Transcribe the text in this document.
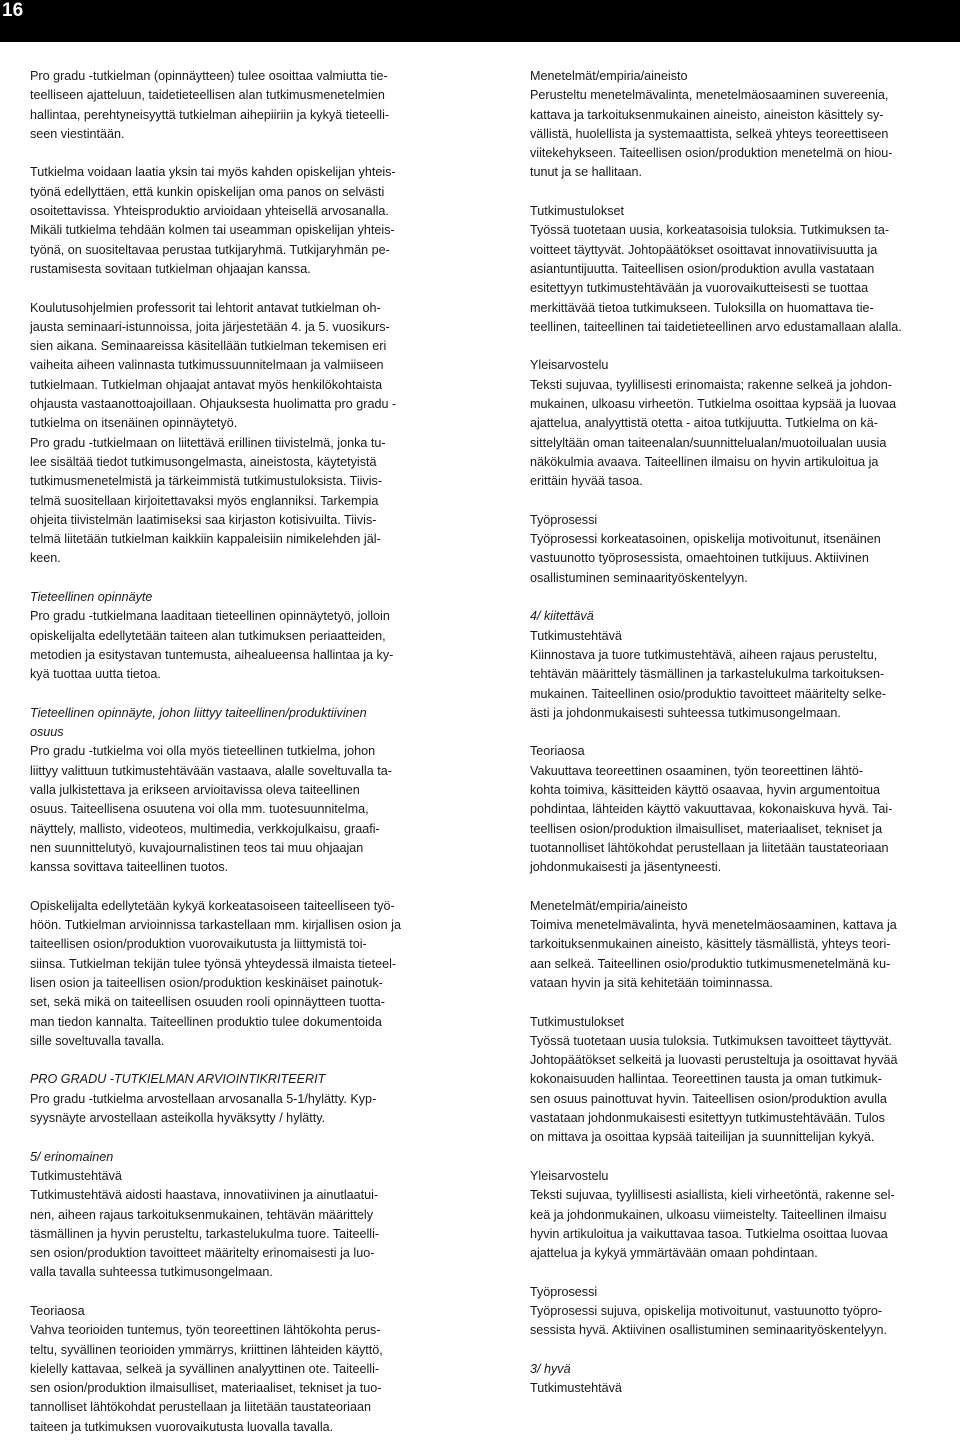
16
Pro gradu -tutkielman (opinnäytteen) tulee osoittaa valmiutta tie-
teelliseen ajatteluun, taidetieteellisen alan tutkimusmenetelmien
hallintaa, perehtyneisyyttä tutkielman aihepiiriin ja kykyä tieteelli-
seen viestintään.
Tutkielma voidaan laatia yksin tai myös kahden opiskelijan yhteis-
työnä edellyttäen, että kunkin opiskelijan oma panos on selvästi
osoitettavissa. Yhteisproduktio arvioidaan yhteisellä arvosanalla.
Mikäli tutkielma tehdään kolmen tai useamman opiskelijan yhteis-
työnä, on suositeltavaa perustaa tutkijaryhmä. Tutkijaryhmän pe-
rustamisesta sovitaan tutkielman ohjaajan kanssa.
Koulutusohjelmien professorit tai lehtorit antavat tutkielman oh-
jausta seminaari-istunnoissa, joita järjestetään 4. ja 5. vuosikurs-
sien aikana. Seminaareissa käsitellään tutkielman tekemisen eri
vaiheita aiheen valinnasta tutkimussuunnitelmaan ja valmiiseen
tutkielmaan. Tutkielman ohjaajat antavat myös henkilökohtaista
ohjausta vastaanottoajoillaan. Ohjauksesta huolimatta pro gradu -
tutkielma on itsenäinen opinnäytetyö.
Pro gradu -tutkielmaan on liitettävä erillinen tiivistelmä, jonka tu-
lee sisältää tiedot tutkimusongelmasta, aineistosta, käytetyistä
tutkimusmenetelmistä ja tärkeimmistä tutkimustuloksista. Tiivis-
telmä suositellaan kirjoitettavaksi myös englanniksi. Tarkempia
ohjeita tiivistelmän laatimiseksi saa kirjaston kotisivuilta. Tiivis-
telmä liitetään tutkielman kaikkiin kappaleisiin nimikelehden jäl-
keen.
Tieteellinen opinnäyte
Pro gradu -tutkielmana laaditaan tieteellinen opinnäytetyö, jolloin
opiskelijalta edellytetään taiteen alan tutkimuksen periaatteiden,
metodien ja esitystavan tuntemusta, aihealueensa hallintaa ja ky-
kyä tuottaa uutta tietoa.
Tieteellinen opinnäyte, johon liittyy taiteellinen/produktiivinen
osuus
Pro gradu -tutkielma voi olla myös tieteellinen tutkielma, johon
liittyy valittuun tutkimustehtävään vastaava, alalle soveltuvalla ta-
valla julkistettava ja erikseen arvioitavissa oleva taiteellinen
osuus. Taiteellisena osuutena voi olla mm. tuotesuunnitelma,
näyttely, mallisto, videoteos, multimedia, verkkojulkaisu, graafi-
nen suunnittelutyö, kuvajournalistinen teos tai muu ohjaajan
kanssa sovittava taiteellinen tuotos.
Opiskelijalta edellytetään kykyä korkeatasoiseen taiteelliseen työ-
höön. Tutkielman arvioinnissa tarkastellaan mm. kirjallisen osion ja
taiteellisen osion/produktion vuorovaikutusta ja liittymistä toi-
siinsa. Tutkielman tekijän tulee työnsä yhteydessä ilmaista tieteel-
lisen osion ja taiteellisen osion/produktion keskinäiset painotuk-
set, sekä mikä on taiteellisen osuuden rooli opinnäytteen tuotta-
man tiedon kannalta. Taiteellinen produktio tulee dokumentoida
sille soveltuvalla tavalla.
PRO GRADU -TUTKIELMAN ARVIOINTIKRITEERIT
Pro gradu -tutkielma arvostellaan arvosanalla 5-1/hylätty. Kyp-
syysnäyte arvostellaan asteikolla hyväksytty / hylätty.
5/ erinomainen
Tutkimustehtävä
Tutkimustehtävä aidosti haastava, innovatiivinen ja ainutlaatui-
nen, aiheen rajaus tarkoituksenmukainen, tehtävän määrittely
täsmällinen ja hyvin perusteltu, tarkastelukulma tuore. Taiteelli-
sen osion/produktion tavoitteet määritelty erinomaisesti ja luo-
valla tavalla suhteessa tutkimusongelmaan.
Teoriaosa
Vahva teorioiden tuntemus, työn teoreettinen lähtökohta perus-
teltu, syvällinen teorioiden ymmärrys, kriittinen lähteiden käyttö,
kielelly kattavaa, selkeä ja syvällinen analyyttinen ote. Taiteelli-
sen osion/produktion ilmaisulliset, materiaaliset, tekniset ja tuo-
tannolliset lähtökohdat perustellaan ja liitetään taustateoriaan
taiteen ja tutkimuksen vuorovaikutusta luovalla tavalla.
Menetelmät/empiria/aineisto
Perusteltu menetelmävalinta, menetelmäosaaminen suvereenia,
kattava ja tarkoituksenmukainen aineisto, aineiston käsittely sy-
vällistä, huolellista ja systemaattista, selkeä yhteys teoreettiseen
viitekehykseen. Taiteellisen osion/produktion menetelmä on hiou-
tunut ja se hallitaan.
Tutkimustulokset
Työssä tuotetaan uusia, korkeatasoisia tuloksia. Tutkimuksen ta-
voitteet täyttyvät. Johtopäätökset osoittavat innovatiivisuutta ja
asiantuntijuutta. Taiteellisen osion/produktion avulla vastataan
esitettyyn tutkimustehtävään ja vuorovaikutteisesti se tuottaa
merkittävää tietoa tutkimukseen. Tuloksilla on huomattava tie-
teellinen, taiteellinen tai taidetieteellinen arvo edustamallaan alalla.
Yleisarvostelu
Teksti sujuvaa, tyylillisesti erinomaista; rakenne selkeä ja johdon-
mukainen, ulkoasu virheetön. Tutkielma osoittaa kypsää ja luovaa
ajattelua, analyyttistä otetta - aitoa tutkijuutta. Tutkielma on kä-
sittelyltään oman taiteenalan/suunnittelualan/muotoilualan uusia
näkökulmia avaava. Taiteellinen ilmaisu on hyvin artikuloitua ja
erittäin hyvää tasoa.
Työprosessi
Työprosessi korkeatasoinen, opiskelija motivoitunut, itsenäinen
vastuunotto työprosessista, omaehtoinen tutkijuus. Aktiivinen
osallistuminen seminaarityöskentelyyn.
4/ kiitettävä
Tutkimustehtävä
Kiinnostava ja tuore tutkimustehtävä, aiheen rajaus perusteltu,
tehtävän määrittely täsmällinen ja tarkastelukulma tarkoituksen-
mukainen. Taiteellinen osio/produktio tavoitteet määritelty selke-
ästi ja johdonmukaisesti suhteessa tutkimusongelmaan.
Teoriaosa
Vakuuttava teoreettinen osaaminen, työn teoreettinen lähtö-
kohta toimiva, käsitteiden käyttö osaavaa, hyvin argumentoitua
pohdintaa, lähteiden käyttö vakuuttavaa, kokonaiskuva hyvä. Tai-
teellisen osion/produktion ilmaisulliset, materiaaliset, tekniset ja
tuotannolliset lähtökohdat perustellaan ja liitetään taustateoriaan
johdonmukaisesti ja jäsentyneesti.
Menetelmät/empiria/aineisto
Toimiva menetelmävalinta, hyvä menetelmäosaaminen, kattava ja
tarkoituksenmukainen aineisto, käsittely täsmällistä, yhteys teori-
aan selkeä. Taiteellinen osio/produktio tutkimusmenetelmänä ku-
vataan hyvin ja sitä kehitetään toiminnassa.
Tutkimustulokset
Työssä tuotetaan uusia tuloksia. Tutkimuksen tavoitteet täyttyvät.
Johtopäätökset selkeitä ja luovasti perusteltuja ja osoittavat hyvää
kokonaisuuden hallintaa. Teoreettinen tausta ja oman tutkimuk-
sen osuus painottuvat hyvin. Taiteellisen osion/produktion avulla
vastataan johdonmukaisesti esitettyyn tutkimustehtävään. Tulos
on mittava ja osoittaa kypsää taiteilijan ja suunnittelijan kykyä.
Yleisarvostelu
Teksti sujuvaa, tyylillisesti asiallista, kieli virheetöntä, rakenne sel-
keä ja johdonmukainen, ulkoasu viimeistelty. Taiteellinen ilmaisu
hyvin artikuloitua ja vaikuttavaa tasoa. Tutkielma osoittaa luovaa
ajattelua ja kykyä ymmärtävään omaan pohdintaan.
Työprosessi
Työprosessi sujuva, opiskelija motivoitunut, vastuunotto työpro-
sessista hyvä. Aktiivinen osallistuminen seminaarityöskentelyyn.
3/ hyvä
Tutkimustehtävä
